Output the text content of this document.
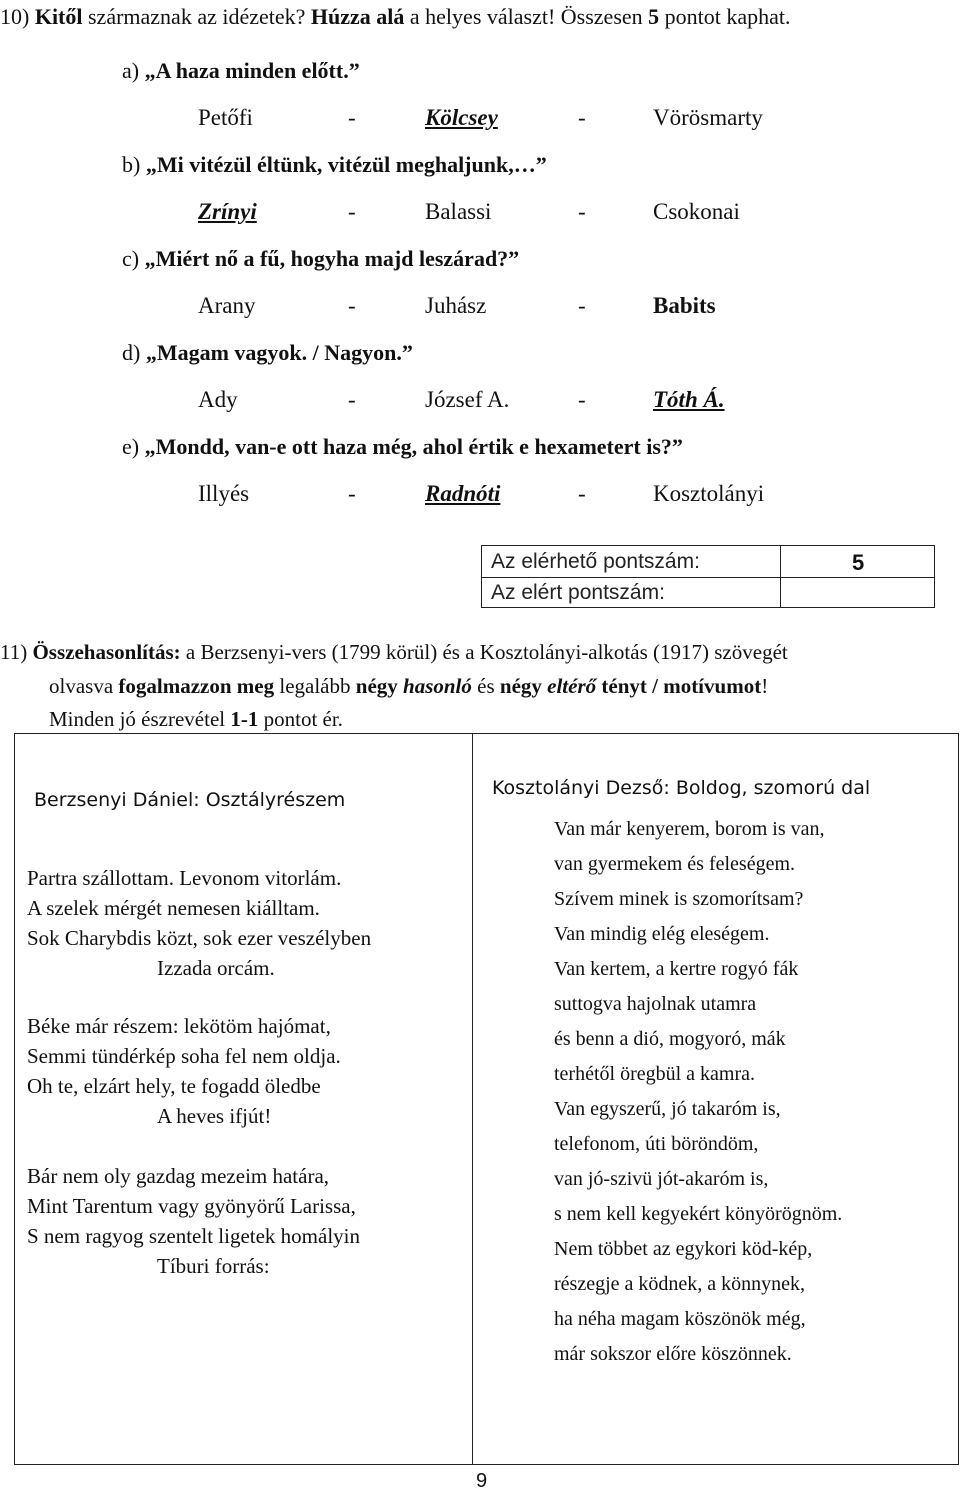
10) Kitől származnak az idézetek? Húzza alá a helyes választ! Összesen 5 pontot kaphat.
a) „A haza minden előtt.”
Petőfi	-	Kölcsey	-	Vörösmarty
b) „Mi vitézül éltünk, vitézül meghaljunk,…”
Zrínyi	-	Balassi	-	Csokonai
c) „Miért nő a fű, hogyha majd leszárad?”
Arany	-	Juhász	-	Babits
d) „Magam vagyok. / Nagyon.”
Ady	-	József A.	-	Tóth Á.
e) „Mondd, van-e ott haza még, ahol értik e hexametert is?”
Illyés	-	Radnóti	-	Kosztolányi
Az elérhető pontszám:	5
Az elért pontszám:
11) Összehasonlítás: a Berzsenyi-vers (1799 körül) és a Kosztolányi-alkotás (1917) szövegét
olvasva fogalmazzon meg legalább négy hasonló és négy eltérő tényt / motívumot!
Minden jó észrevétel 1-1 pontot ér.
Berzsenyi Dániel: Osztályrészem
Partra szállottam. Levonom vitorlám.
A szelek mérgét nemesen kiálltam.
Sok Charybdis közt, sok ezer veszélyben
Izzada orcám.
Béke már részem: lekötöm hajómat,
Semmi tündérkép soha fel nem oldja.
Oh te, elzárt hely, te fogadd öledbe
A heves ifjút!
Bár nem oly gazdag mezeim határa,
Mint Tarentum vagy gyönyörű Larissa,
S nem ragyog szentelt ligetek homályin
Tíburi forrás:
Kosztolányi Dezső: Boldog, szomorú dal
Van már kenyerem, borom is van,
van gyermekem és feleségem.
Szívem minek is szomorítsam?
Van mindig elég eleségem.
Van kertem, a kertre rogyó fák
suttogva hajolnak utamra
és benn a dió, mogyoró, mák
terhétől öregbül a kamra.
Van egyszerű, jó takaróm is,
telefonom, úti böröndöm,
van jó-szivü jót-akaróm is,
s nem kell kegyekért könyörögnöm.
Nem többet az egykori köd-kép,
részegje a ködnek, a könnynek,
ha néha magam köszönök még,
már sokszor előre köszönnek.
9
